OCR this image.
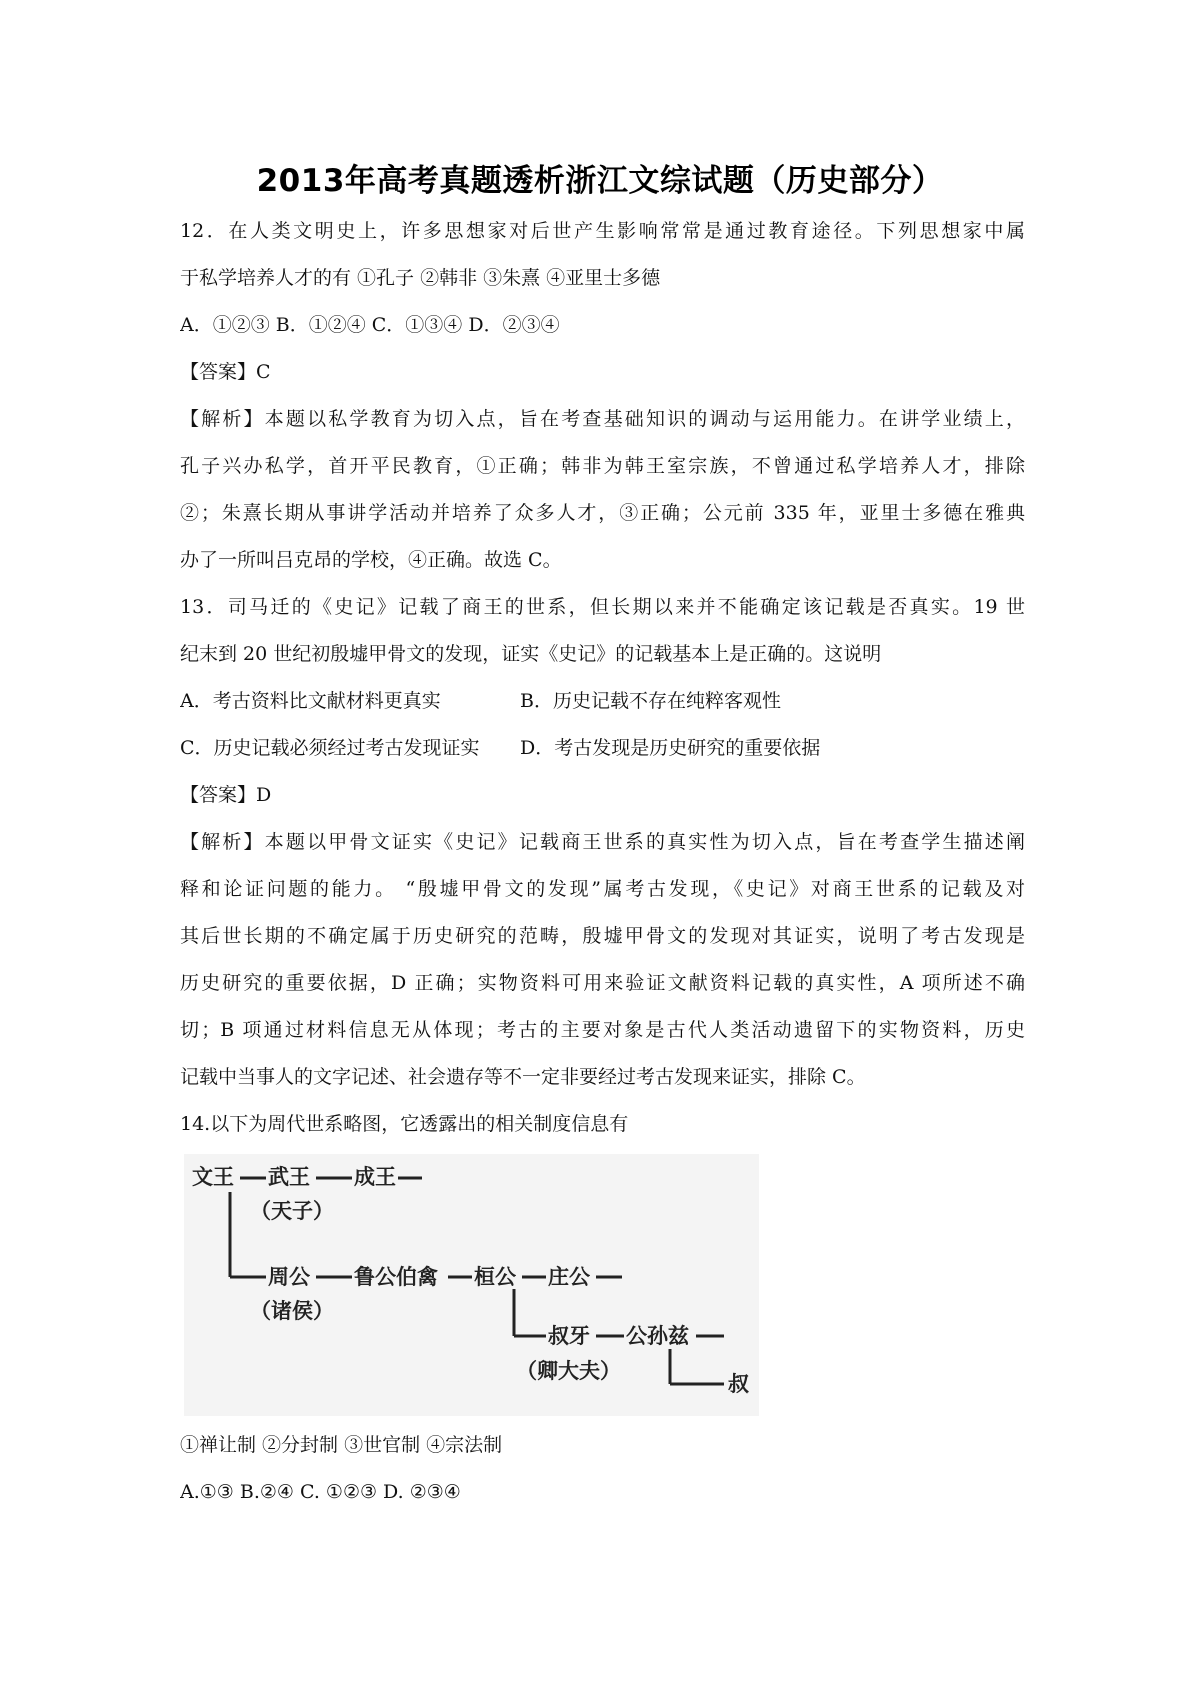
2013年高考真题透析浙江文综试题（历史部分）
12．在人类文明史上，许多思想家对后世产生影响常常是通过教育途径。下列思想家中属
于私学培养人才的有 ①孔子 ②韩非 ③朱熹 ④亚里士多德
A．①②③ B．①②④ C．①③④ D．②③④
【答案】C
【解析】本题以私学教育为切入点，旨在考查基础知识的调动与运用能力。在讲学业绩上，
孔子兴办私学，首开平民教育，①正确；韩非为韩王室宗族，不曾通过私学培养人才，排除
②；朱熹长期从事讲学活动并培养了众多人才，③正确；公元前 335 年，亚里士多德在雅典
办了一所叫吕克昂的学校，④正确。故选 C。
13．司马迁的《史记》记载了商王的世系，但长期以来并不能确定该记载是否真实。19 世
纪末到 20 世纪初殷墟甲骨文的发现，证实《史记》的记载基本上是正确的。这说明
A．考古资料比文献材料更真实	B．历史记载不存在纯粹客观性
C．历史记载必须经过考古发现证实 D．考古发现是历史研究的重要依据
【答案】D
【解析】本题以甲骨文证实《史记》记载商王世系的真实性为切入点，旨在考查学生描述阐
释和论证问题的能力。 “殷墟甲骨文的发现”属考古发现，《史记》对商王世系的记载及对
其后世长期的不确定属于历史研究的范畴，殷墟甲骨文的发现对其证实，说明了考古发现是
历史研究的重要依据，D 正确；实物资料可用来验证文献资料记载的真实性，A 项所述不确
切；B 项通过材料信息无从体现；考古的主要对象是古代人类活动遗留下的实物资料，历史
记载中当事人的文字记述、社会遗存等不一定非要经过考古发现来证实，排除 C。
14.以下为周代世系略图，它透露出的相关制度信息有
文王 武王 成王
（天子）
周公 鲁公伯禽 桓公 庄公
（诸侯）
叔牙 公孙兹
（卿大夫）
叔
①禅让制 ②分封制 ③世官制 ④宗法制
A.①③ B.②④ C. ①②③ D. ②③④
